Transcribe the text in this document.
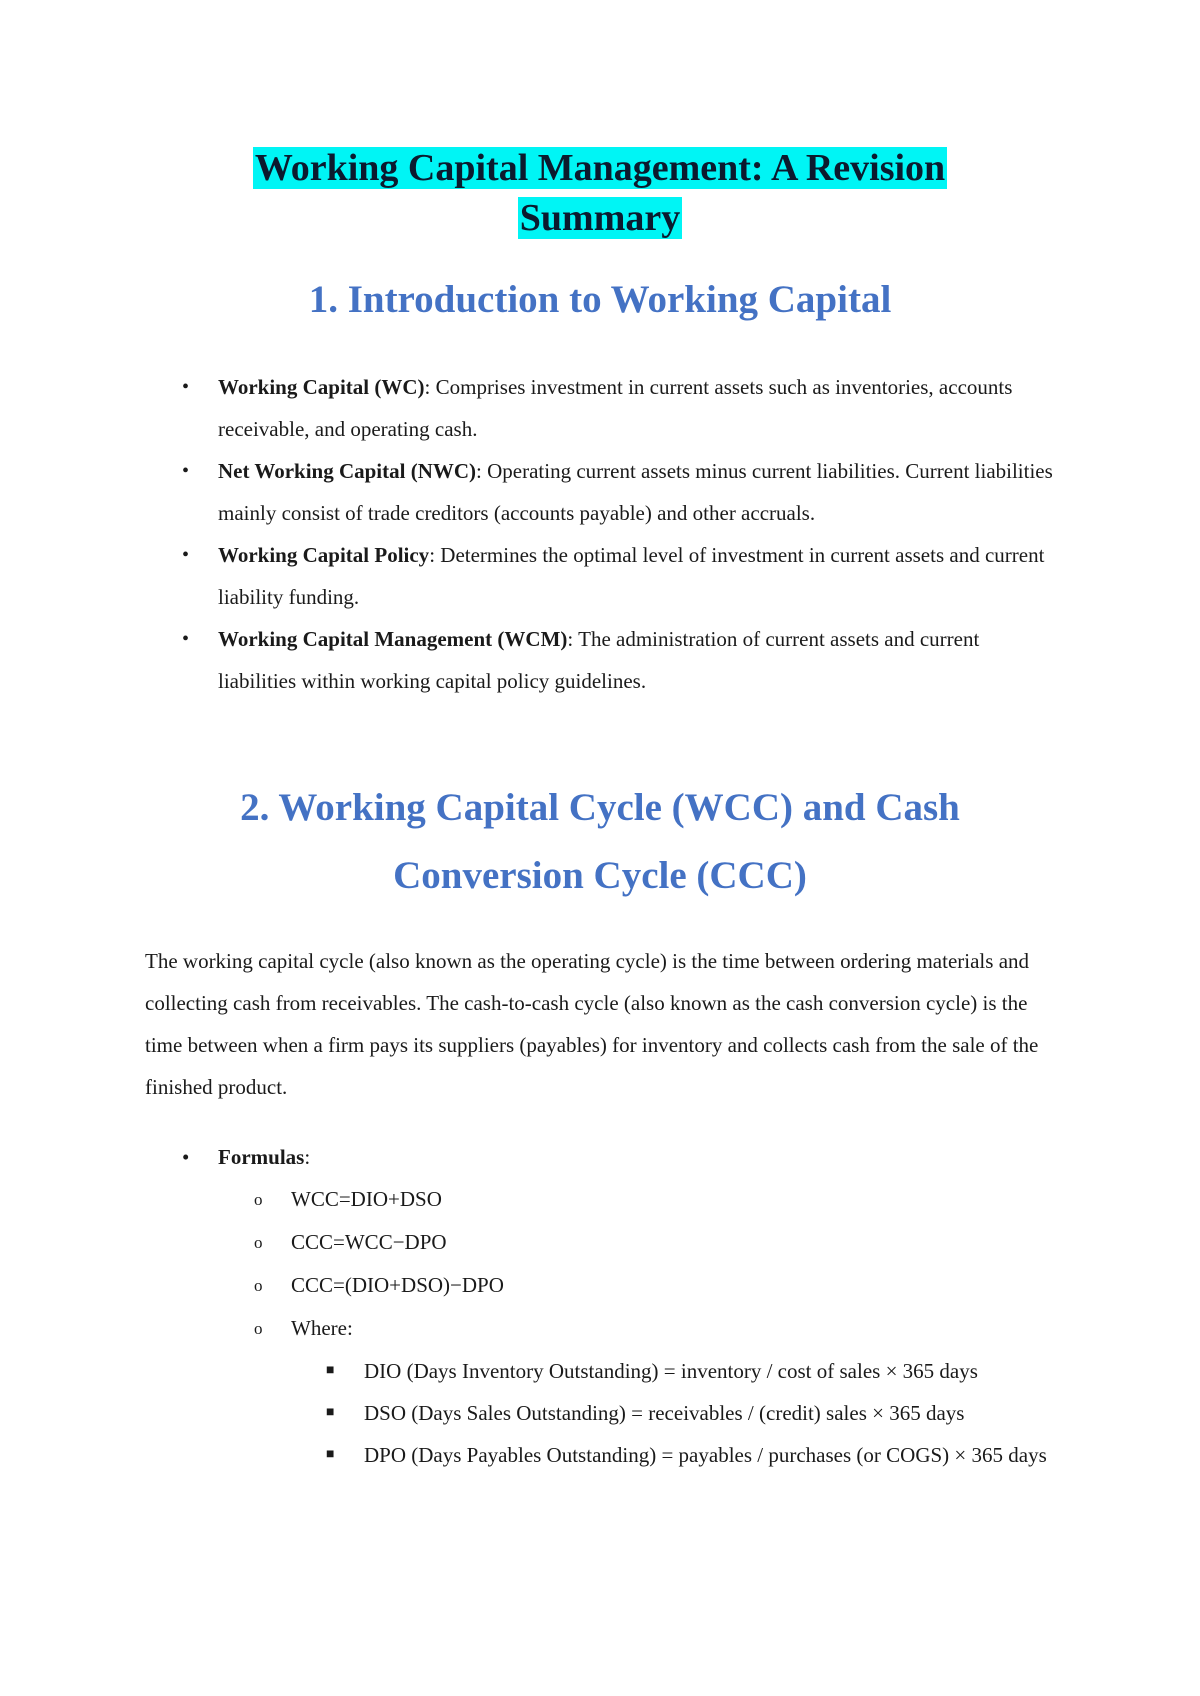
Working Capital Management: A Revision
Summary
1. Introduction to Working Capital
• Working Capital (WC): Comprises investment in current assets such as inventories, accounts receivable, and operating cash.
• Net Working Capital (NWC): Operating current assets minus current liabilities. Current liabilities mainly consist of trade creditors (accounts payable) and other accruals.
• Working Capital Policy: Determines the optimal level of investment in current assets and current liability funding.
• Working Capital Management (WCM): The administration of current assets and current liabilities within working capital policy guidelines.
2. Working Capital Cycle (WCC) and Cash
Conversion Cycle (CCC)

The working capital cycle (also known as the operating cycle) is the time between ordering materials and collecting cash from receivables. The cash-to-cash cycle (also known as the cash conversion cycle) is the time between when a firm pays its suppliers (payables) for inventory and collects cash from the sale of the finished product.

• Formulas:
o WCC=DIO+DSO
o CCC=WCC−DPO
o CCC=(DIO+DSO)−DPO
o Where:
■ DIO (Days Inventory Outstanding) = inventory / cost of sales × 365 days
■ DSO (Days Sales Outstanding) = receivables / (credit) sales × 365 days
■ DPO (Days Payables Outstanding) = payables / purchases (or COGS) × 365 days
